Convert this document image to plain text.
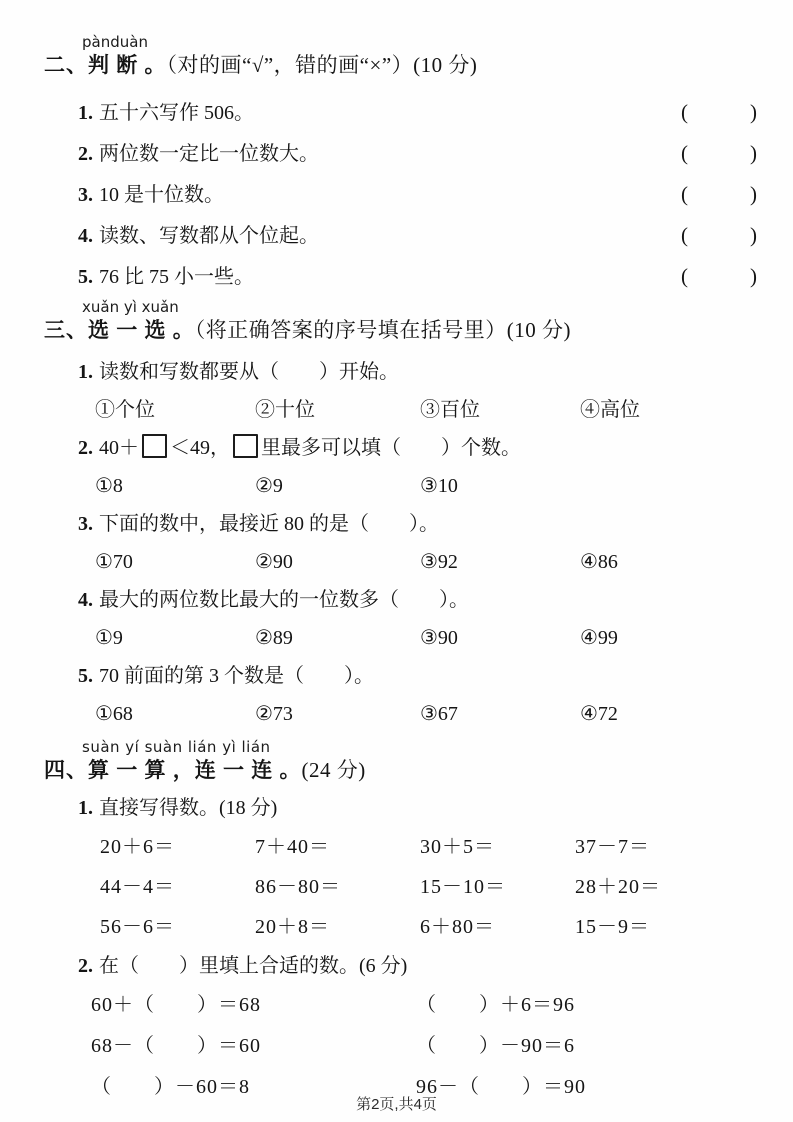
pànduàn
二、判 断 。（对的画“√”，错的画“×”）(10 分)
1. 五十六写作 506。	(	)
2. 两位数一定比一位数大。	(	)
3. 10 是十位数。	(	)
4. 读数、写数都从个位起。	(	)
5. 76 比 75 小一些。	(	)
xuǎn yì xuǎn
三、选 一 选 。（将正确答案的序号填在括号里）(10 分)
1. 读数和写数都要从（　　）开始。
①个位	②十位	③百位	④高位
2. 40＋ ＜49， 里最多可以填（　　）个数。
①8	②9	③10
3. 下面的数中，最接近 80 的是（　　）。
①70	②90	③92	④86
4. 最大的两位数比最大的一位数多（　　）。
①9	②89	③90	④99
5. 70 前面的第 3 个数是（　　）。
①68	②73	③67	④72
suàn yí suàn lián yì lián
四、算 一 算 ，连 一 连 。(24 分)
1. 直接写得数。(18 分)
20＋6＝	7＋40＝	30＋5＝	37－7＝
44－4＝	86－80＝	15－10＝	28＋20＝
56－6＝	20＋8＝	6＋80＝	15－9＝
2. 在（　　）里填上合适的数。(6 分)
60＋（　　）＝68	（　　）＋6＝96
68－（　　）＝60	（　　）－90＝6
（　　）－60＝8	96－（　　）＝90
第2页,共4页
